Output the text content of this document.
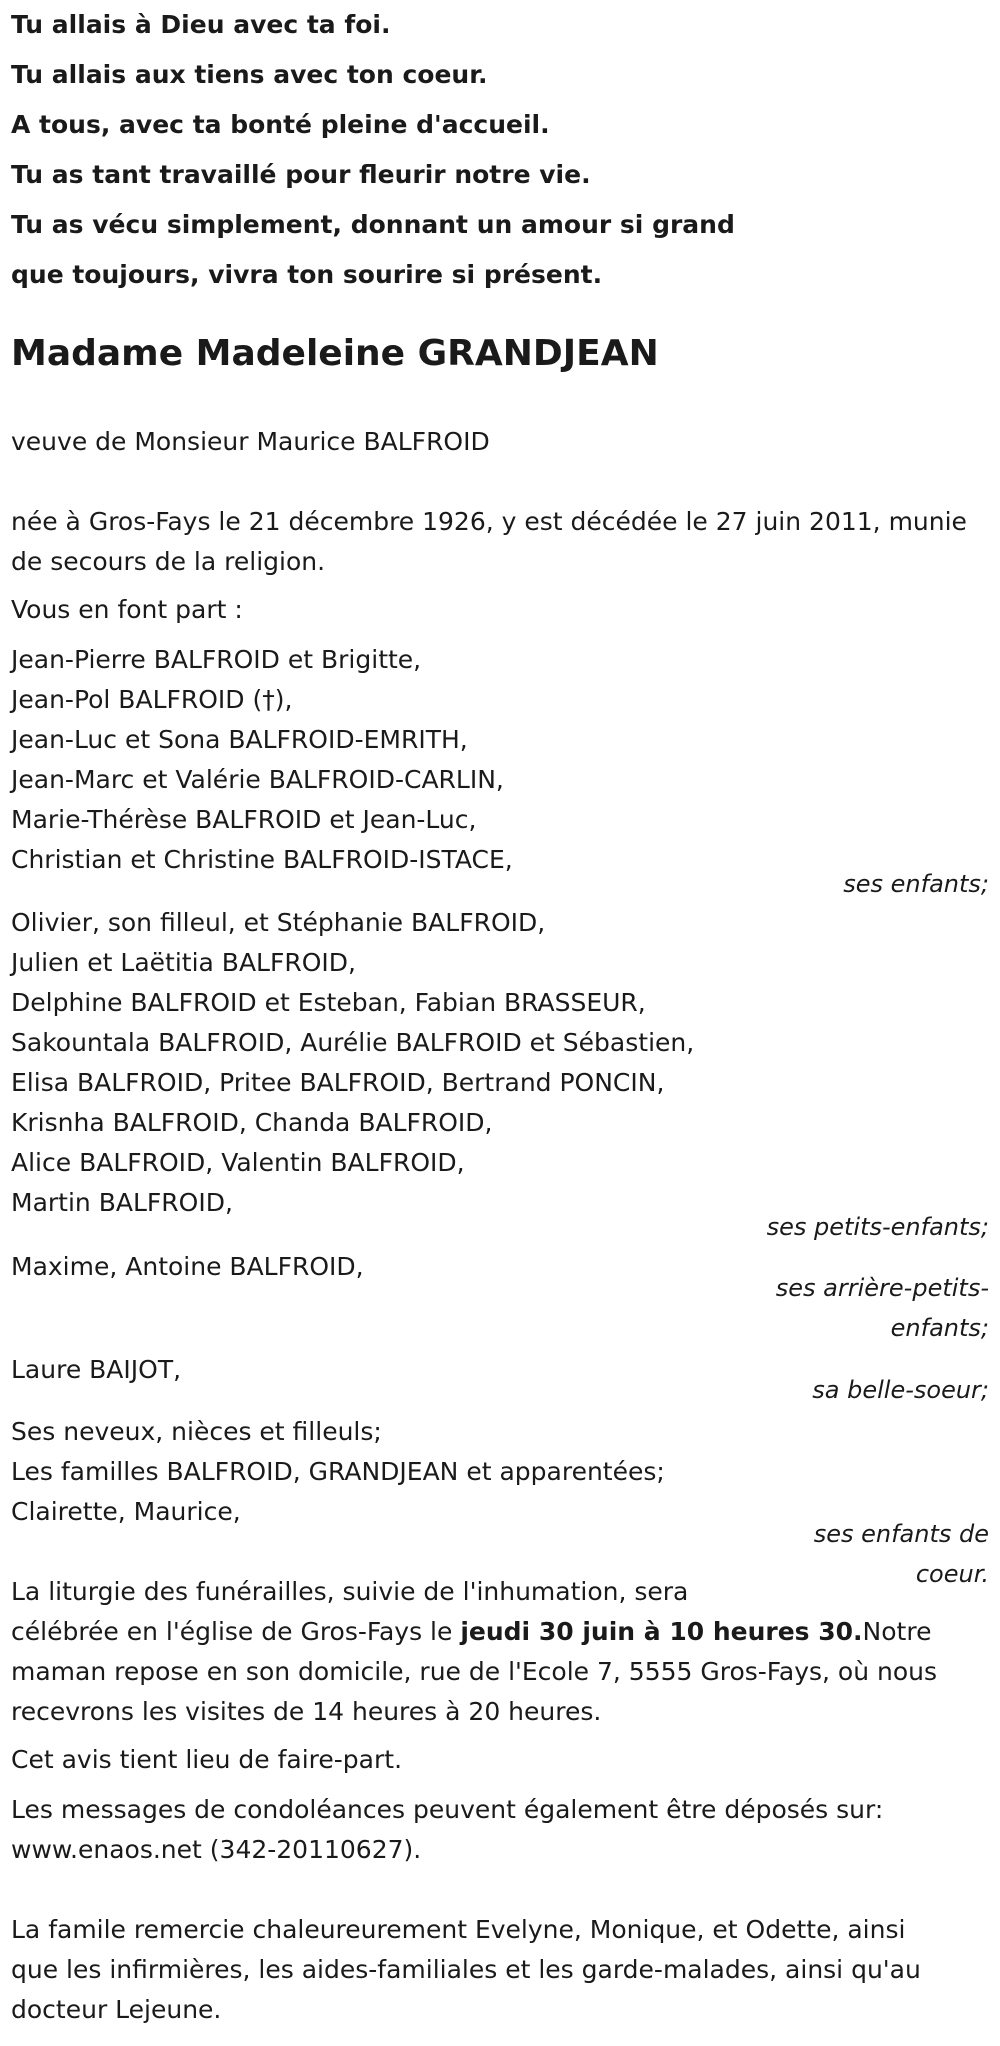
Tu allais à Dieu avec ta foi.
Tu allais aux tiens avec ton coeur.
A tous, avec ta bonté pleine d'accueil.
Tu as tant travaillé pour fleurir notre vie.
Tu as vécu simplement, donnant un amour si grand
que toujours, vivra ton sourire si présent.
Madame Madeleine GRANDJEAN
veuve de Monsieur Maurice BALFROID
née à Gros-Fays le 21 décembre 1926, y est décédée le 27 juin 2011, munie
de secours de la religion.
Vous en font part :
Jean-Pierre BALFROID et Brigitte,
Jean-Pol BALFROID (†),
Jean-Luc et Sona BALFROID-EMRITH,
Jean-Marc et Valérie BALFROID-CARLIN,
Marie-Thérèse BALFROID et Jean-Luc,
Christian et Christine BALFROID-ISTACE,
ses enfants;
Olivier, son filleul, et Stéphanie BALFROID,
Julien et Laëtitia BALFROID,
Delphine BALFROID et Esteban, Fabian BRASSEUR,
Sakountala BALFROID, Aurélie BALFROID et Sébastien,
Elisa BALFROID, Pritee BALFROID, Bertrand PONCIN,
Krisnha BALFROID, Chanda BALFROID,
Alice BALFROID, Valentin BALFROID,
Martin BALFROID,
ses petits-enfants;
Maxime, Antoine BALFROID,
ses arrière-petits-
enfants;
Laure BAIJOT,
sa belle-soeur;
Ses neveux, nièces et filleuls;
Les familles BALFROID, GRANDJEAN et apparentées;
Clairette, Maurice,
ses enfants de
coeur.
La liturgie des funérailles, suivie de l'inhumation, sera
célébrée en l'église de Gros-Fays le jeudi 30 juin à 10 heures 30.Notre
maman repose en son domicile, rue de l'Ecole 7, 5555 Gros-Fays, où nous
recevrons les visites de 14 heures à 20 heures.
Cet avis tient lieu de faire-part.
Les messages de condoléances peuvent également être déposés sur:
www.enaos.net (342-20110627).
La famile remercie chaleureurement Evelyne, Monique, et Odette, ainsi
que les infirmières, les aides-familiales et les garde-malades, ainsi qu'au
docteur Lejeune.
